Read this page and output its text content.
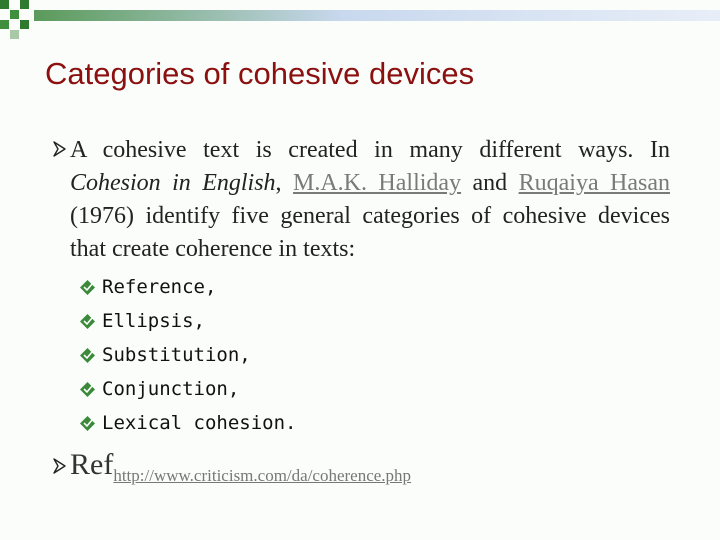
Categories of cohesive devices
A cohesive text is created in many different ways. In Cohesion in English, M.A.K. Halliday and Ruqaiya Hasan (1976) identify five general categories of cohesive devices that create coherence in texts:
Reference,
Ellipsis,
Substitution,
Conjunction,
Lexical cohesion.
Ref$_{http://www.criticism.com/da/coherence.php}$
